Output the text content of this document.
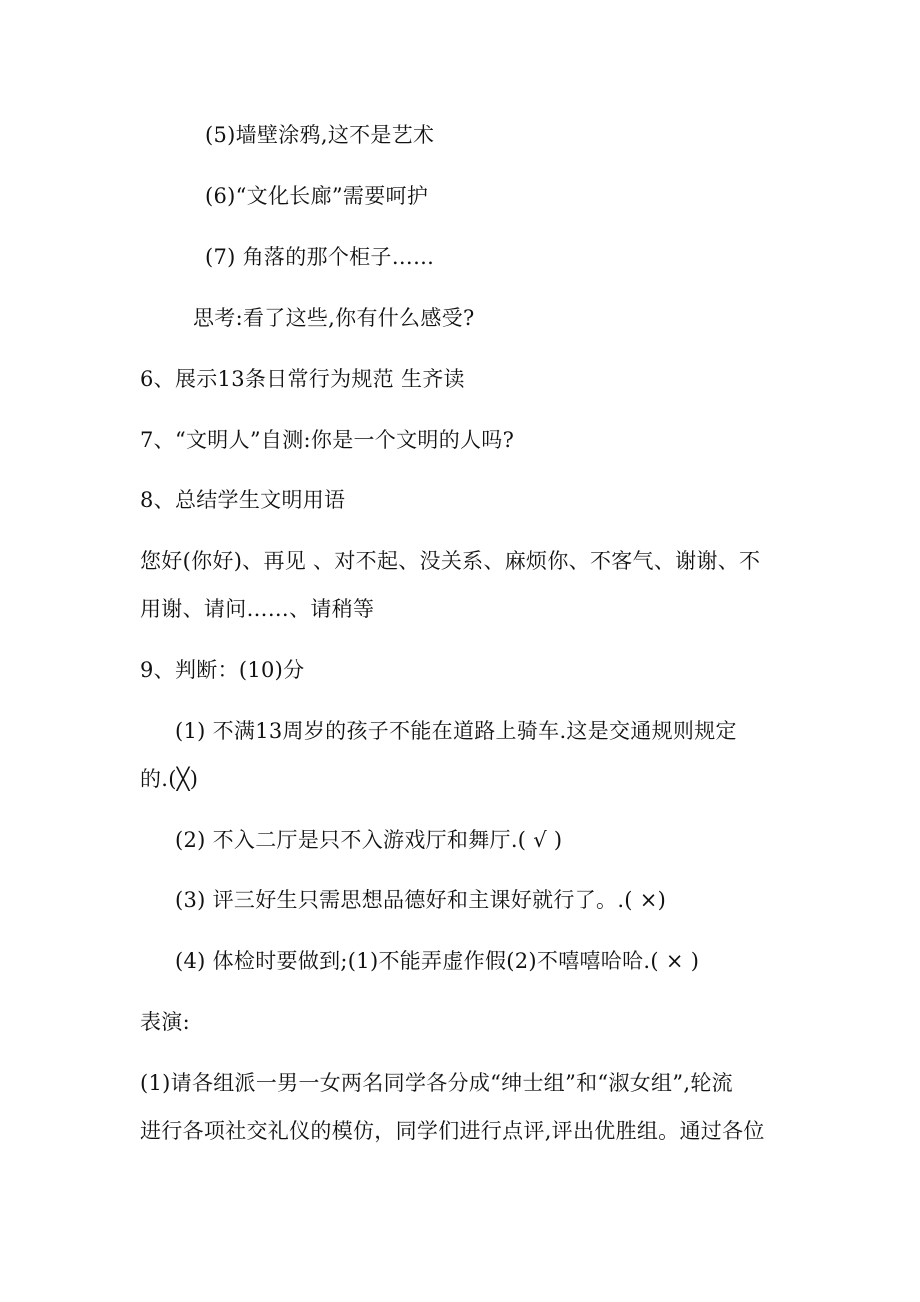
(5)墙壁涂鸦,这不是艺术
(6)“文化长廊”需要呵护
(7) 角落的那个柜子……
思考:看了这些,你有什么感受?
6、展示13条日常行为规范 生齐读
7、“文明人”自测:你是一个文明的人吗?
8、总结学生文明用语
您好(你好)、再见 、对不起、没关系、麻烦你、不客气、谢谢、不
用谢、请问……、请稍等
9、判断：(10)分
(1) 不满13周岁的孩子不能在道路上骑车.这是交通规则规定
的.(╳)
(2) 不入二厅是只不入游戏厅和舞厅.( √ )
(3) 评三好生只需思想品德好和主课好就行了。.( ×)
(4) 体检时要做到;(1)不能弄虚作假(2)不嘻嘻哈哈.( × )
表演:
(1)请各组派一男一女两名同学各分成“绅士组”和“淑女组”,轮流
进行各项社交礼仪的模仿，同学们进行点评,评出优胜组。通过各位
